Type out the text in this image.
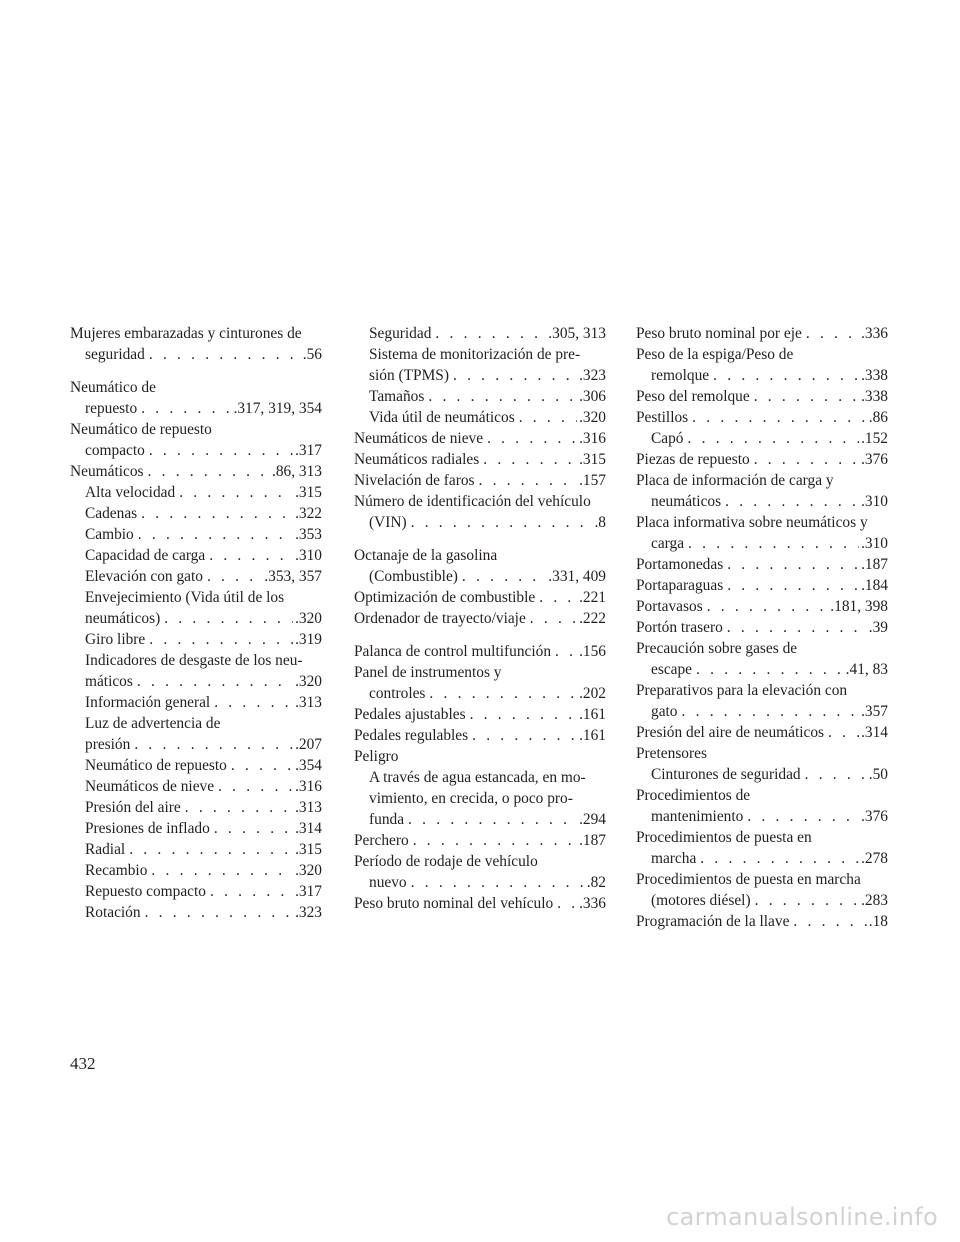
Mujeres embarazadas y cinturones de
seguridad . . .	.56
Neumático de
repuesto . . .	.317, 319, 354
Neumático de repuesto
compacto . . .	.317
Neumáticos . . .	.86, 313
Alta velocidad . . .	.315
Cadenas . . .	.322
Cambio . . .	.353
Capacidad de carga . . .	.310
Elevación con gato . . .	.353, 357
Envejecimiento (Vida útil de los
neumáticos) . . .	.320
Giro libre . . .	.319
Indicadores de desgaste de los neu-
máticos . . .	.320
Información general . . .	.313
Luz de advertencia de
presión . . .	.207
Neumático de repuesto . . .	.354
Neumáticos de nieve . . .	.316
Presión del aire . . .	.313
Presiones de inflado . . .	.314
Radial . . .	.315
Recambio . . .	.320
Repuesto compacto . . .	.317
Rotación . . .	.323
Seguridad . . .	.305, 313
Sistema de monitorización de pre-
sión (TPMS) . . .	.323
Tamaños . . .	.306
Vida útil de neumáticos . . .	.320
Neumáticos de nieve . . .	.316
Neumáticos radiales . . .	.315
Nivelación de faros . . .	.157
Número de identificación del vehículo
(VIN) . . .	.8
Octanaje de la gasolina
(Combustible) . . .	.331, 409
Optimización de combustible . . .	.221
Ordenador de trayecto/viaje . . .	.222
Palanca de control multifunción . . . .156
Panel de instrumentos y
controles . . .	.202
Pedales ajustables . . .	.161
Pedales regulables . . .	.161
Peligro
A través de agua estancada, en mo-
vimiento, en crecida, o poco pro-
funda . . .	.294
Perchero . . .	.187
Período de rodaje de vehículo
nuevo . . .	.82
Peso bruto nominal del vehículo . . . .336
Peso bruto nominal por eje . . .	.336
Peso de la espiga/Peso de
remolque . . .	.338
Peso del remolque . . .	.338
Pestillos . . .	.86
Capó . . .	.152
Piezas de repuesto . . .	.376
Placa de información de carga y
neumáticos . . .	.310
Placa informativa sobre neumáticos y
carga . . .	.310
Portamonedas . . .	.187
Portaparaguas . . .	.184
Portavasos . . .	.181, 398
Portón trasero . . .	.39
Precaución sobre gases de
escape . . .	.41, 83
Preparativos para la elevación con
gato . . .	.357
Presión del aire de neumáticos . . . .314
Pretensores
Cinturones de seguridad . . .	.50
Procedimientos de
mantenimiento . . .	.376
Procedimientos de puesta en
marcha . . .	.278
Procedimientos de puesta en marcha
(motores diésel) . . .	.283
Programación de la llave . . .	.18
432
carmanualsonline.info
